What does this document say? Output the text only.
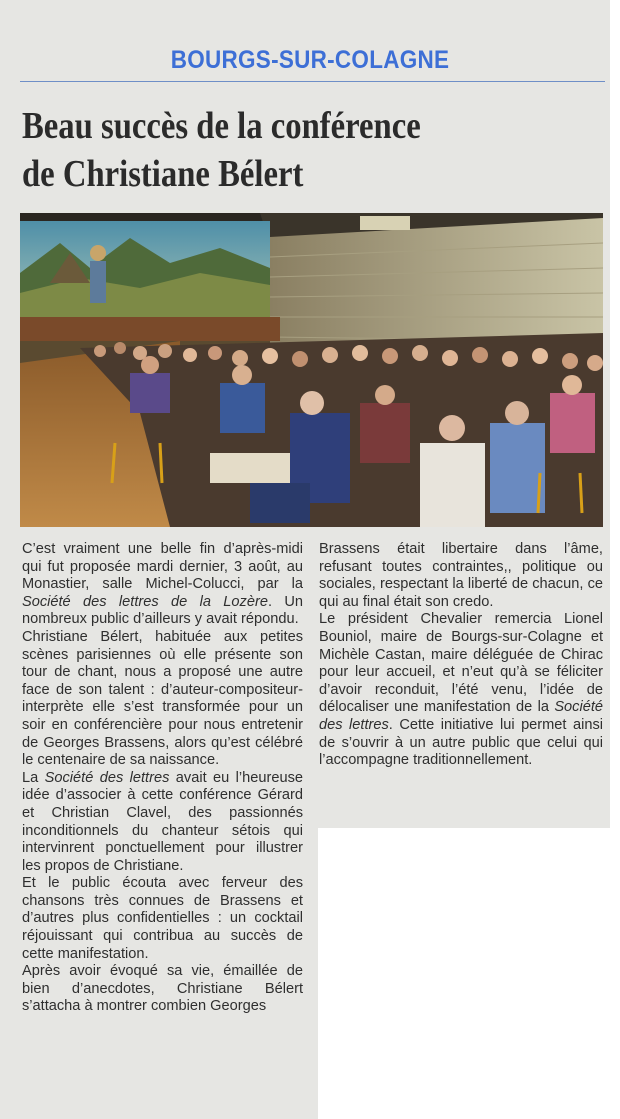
BOURGS-SUR-COLAGNE
Beau succès de la conférence
de Christiane Bélert

C’est vraiment une belle fin d’après-midi qui fut proposée mardi dernier, 3 août, au Monastier, salle Michel-Colucci, par la Société des lettres de la Lozère. Un nombreux public d’ailleurs y avait répondu.

Christiane Bélert, habituée aux petites scènes parisiennes où elle présente son tour de chant, nous a proposé une autre face de son talent : d’auteur-compositeur-interprète elle s’est transformée pour un soir en conférencière pour nous entretenir de Georges Brassens, alors qu’est célébré le centenaire de sa naissance.

La Société des lettres avait eu l’heureuse idée d’associer à cette conférence Gérard et Christian Clavel, des passionnés inconditionnels du chanteur sétois qui intervinrent ponctuellement pour illustrer les propos de Christiane.

Et le public écouta avec ferveur des chansons très connues de Brassens et d’autres plus confidentielles : un cocktail réjouissant qui contribua au succès de cette manifestation.

Après avoir évoqué sa vie, émaillée de bien d’anecdotes, Christiane Bélert s’attacha à montrer combien Georges

Brassens était libertaire dans l’âme, refusant toutes contraintes,, politique ou sociales, respectant la liberté de chacun, ce qui au final était son credo.

Le président Chevalier remercia Lionel Bouniol, maire de Bourgs-sur-Colagne et Michèle Castan, maire déléguée de Chirac pour leur accueil, et n’eut qu’à se féliciter d’avoir reconduit, l’été venu, l’idée de délocaliser une manifestation de la Société des lettres. Cette initiative lui permet ainsi de s’ouvrir à un autre public que celui qui l’accompagne traditionnellement.
